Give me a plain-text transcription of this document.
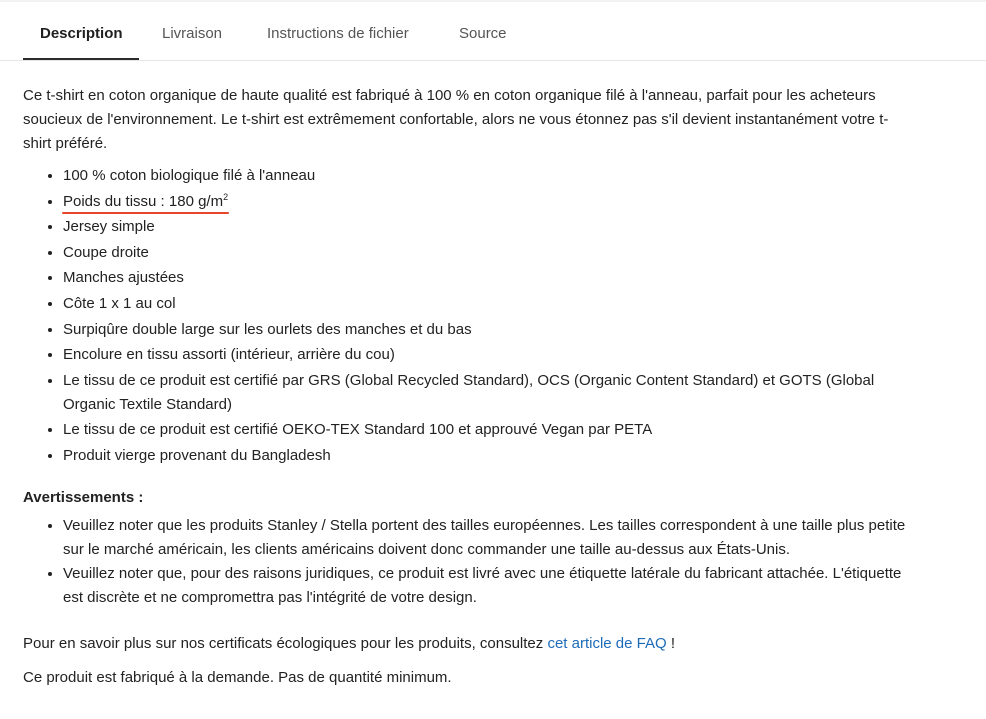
Description	Livraison	Instructions de fichier	Source

Ce t-shirt en coton organique de haute qualité est fabriqué à 100 % en coton organique filé à l'anneau, parfait pour les acheteurs soucieux de l'environnement. Le t-shirt est extrêmement confortable, alors ne vous étonnez pas s'il devient instantanément votre t-shirt préféré.

• 100 % coton biologique filé à l'anneau
• Poids du tissu : 180 $g/m^2$
• Jersey simple
• Coupe droite
• Manches ajustées
• Côte 1 x 1 au col
• Surpiqûre double large sur les ourlets des manches et du bas
• Encolure en tissu assorti (intérieur, arrière du cou)
• Le tissu de ce produit est certifié par GRS (Global Recycled Standard), OCS (Organic Content Standard) et GOTS (Global Organic Textile Standard)
• Le tissu de ce produit est certifié OEKO-TEX Standard 100 et approuvé Vegan par PETA
• Produit vierge provenant du Bangladesh

Avertissements :

• Veuillez noter que les produits Stanley / Stella portent des tailles européennes. Les tailles correspondent à une taille plus petite sur le marché américain, les clients américains doivent donc commander une taille au-dessus aux États-Unis.
• Veuillez noter que, pour des raisons juridiques, ce produit est livré avec une étiquette latérale du fabricant attachée. L'étiquette est discrète et ne compromettra pas l'intégrité de votre design.

Pour en savoir plus sur nos certificats écologiques pour les produits, consultez cet article de FAQ !

Ce produit est fabriqué à la demande. Pas de quantité minimum.
